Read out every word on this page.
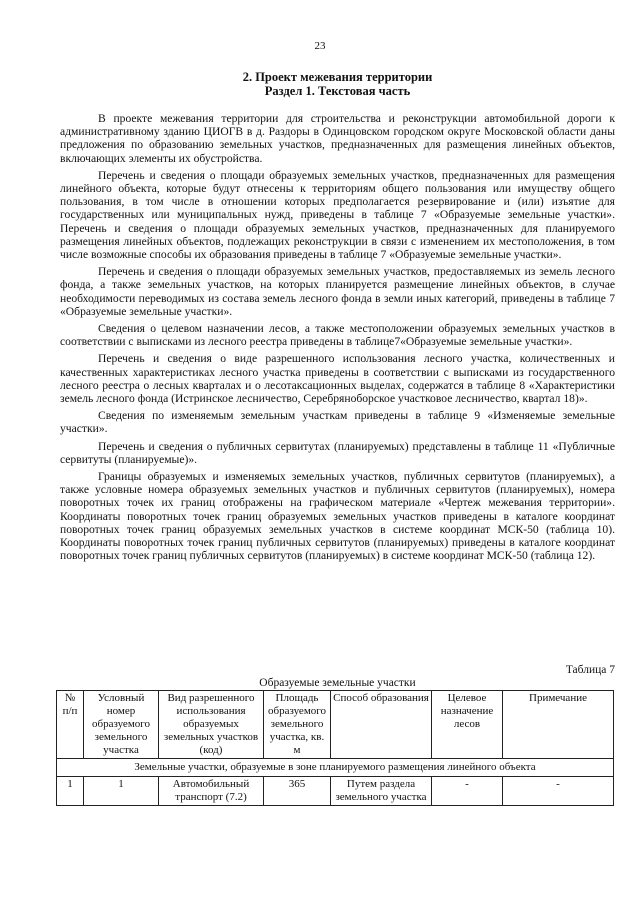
23
2. Проект межевания территории
Раздел 1. Текстовая часть

В проекте межевания территории для строительства и реконструкции автомобильной дороги к административному зданию ЦИОГВ в д. Раздоры в Одинцовском городском округе Московской области даны предложения по образованию земельных участков, предназначенных для размещения линейных объектов, включающих элементы их обустройства.

Перечень и сведения о площади образуемых земельных участков, предназначенных для размещения линейного объекта, которые будут отнесены к территориям общего пользования или имуществу общего пользования, в том числе в отношении которых предполагается резервирование и (или) изъятие для государственных или муниципальных нужд, приведены в таблице 7 «Образуемые земельные участки». Перечень и сведения о площади образуемых земельных участков, предназначенных для планируемого размещения линейных объектов, подлежащих реконструкции в связи с изменением их местоположения, в том числе возможные способы их образования приведены в таблице 7 «Образуемые земельные участки».

Перечень и сведения о площади образуемых земельных участков, предоставляемых из земель лесного фонда, а также земельных участков, на которых планируется размещение линейных объектов, в случае необходимости переводимых из состава земель лесного фонда в земли иных категорий, приведены в таблице 7 «Образуемые земельные участки».

Сведения о целевом назначении лесов, а также местоположении образуемых земельных участков в соответствии с выписками из лесного реестра приведены в таблице7«Образуемые земельные участки».

Перечень и сведения о виде разрешенного использования лесного участка, количественных и качественных характеристиках лесного участка приведены в соответствии с выписками из государственного лесного реестра о лесных кварталах и о лесотаксационных выделах, содержатся в таблице 8 «Характеристики земель лесного фонда (Истринское лесничество, Серебряноборское участковое лесничество, квартал 18)».

Сведения по изменяемым земельным участкам приведены в таблице 9 «Изменяемые земельные участки».

Перечень и сведения о публичных сервитутах (планируемых) представлены в таблице 11 «Публичные сервитуты (планируемые)».

Границы образуемых и изменяемых земельных участков, публичных сервитутов (планируемых), а также условные номера образуемых земельных участков и публичных сервитутов (планируемых), номера поворотных точек их границ отображены на графическом материале «Чертеж межевания территории». Координаты поворотных точек границ образуемых земельных участков приведены в каталоге координат поворотных точек границ образуемых земельных участков в системе координат МСК-50 (таблица 10). Координаты поворотных точек границ публичных сервитутов (планируемых) приведены в каталоге координат поворотных точек границ публичных сервитутов (планируемых) в системе координат МСК-50 (таблица 12).

Таблица 7
Образуемые земельные участки
№ п/п	Условный номер образуемого земельного участка	Вид разрешенного использования образуемых земельных участков (код)	Площадь образуемого земельного участка, кв. м	Способ образования	Целевое назначение лесов	Примечание
Земельные участки, образуемые в зоне планируемого размещения линейного объекта						
1	1	Автомобильный транспорт (7.2)	365	Путем раздела земельного участка	-	-
